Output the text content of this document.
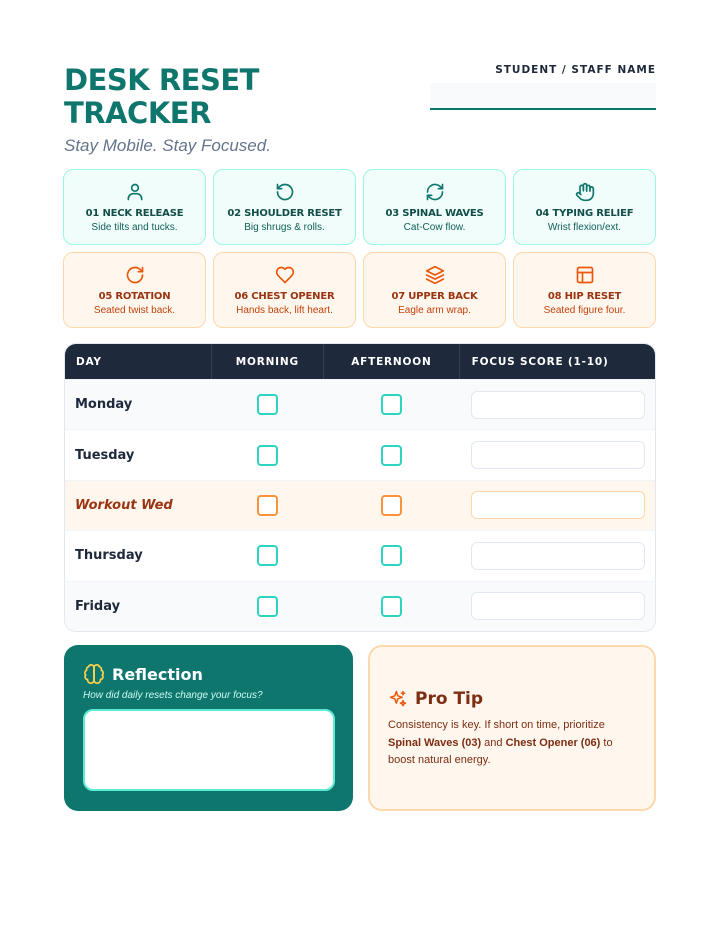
DESK RESET
TRACKER
Stay Mobile. Stay Focused.
STUDENT / STAFF NAME
01 NECK RELEASE
Side tilts and tucks.
02 SHOULDER RESET
Big shrugs & rolls.
03 SPINAL WAVES
Cat-Cow flow.
04 TYPING RELIEF
Wrist flexion/ext.
05 ROTATION
Seated twist back.
06 CHEST OPENER
Hands back, lift heart.
07 UPPER BACK
Eagle arm wrap.
08 HIP RESET
Seated figure four.
DAY	MORNING	AFTERNOON	FOCUS SCORE (1-10)
Monday
Tuesday
Workout Wed
Thursday
Friday
Reflection
How did daily resets change your focus?	Pro Tip
Consistency is key. If short on time, prioritize Spinal Waves (03) and Chest Opener (06) to boost natural energy.
